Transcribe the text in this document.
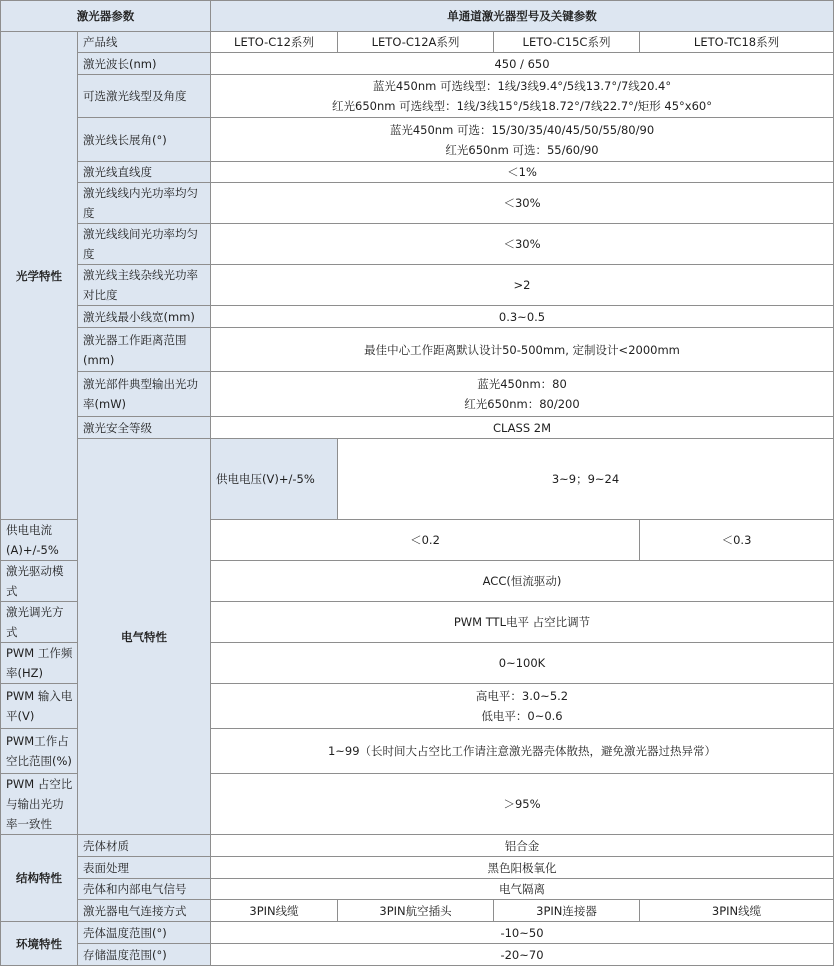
激光器参数		单通道激光器型号及关键参数				
光学特性	产品线	LETO-C12系列	LETO-C12A系列	LETO-C15C系列	LETO-TC18系列	
	激光波长(nm)	450 / 650				
	可选激光线型及角度	蓝光450nm 可选线型：1线/3线9.4°/5线13.7°/7线20.4°
红光650nm 可选线型：1线/3线15°/5线18.72°/7线22.7°/矩形 45°x60°				

	激光线长展角(°)	蓝光450nm 可选：15/30/35/40/45/50/55/80/90
红光650nm 可选：55/60/90				

	激光线直线度	＜1%				
	激光线线内光功率均匀度	＜30%				
	激光线线间光功率均匀度	＜30%				
	激光线主线杂线光功率对比度	>2				
	激光线最小线宽(mm)	0.3~0.5				
	激光器工作距离范围(mm)	最佳中心工作距离默认设计50-500mm, 定制设计<2000mm				
	激光部件典型输出光功率(mW)	蓝光450nm：80
红光650nm：80/200				

	激光安全等级	CLASS 2M				
	电气特性	供电电压(V)+/-5%	3~9；9~24	

供电电流(A)+/-5%		＜0.2			＜0.3	
激光驱动模式		ACC(恒流驱动)				
激光调光方式		PWM TTL电平 占空比调节				
PWM 工作频率(HZ)		0~100K				
PWM 输入电平(V)		高电平：3.0~5.2
低电平：0~0.6				

PWM工作占空比范围(%)		1~99（长时间大占空比工作请注意激光器壳体散热，避免激光器过热异常）				
PWM 占空比与输出光功率一致性		＞95%				
结构特性	壳体材质	铝合金				
	表面处理	黑色阳极氧化				
	壳体和内部电气信号	电气隔离				
	激光器电气连接方式	3PIN线缆	3PIN航空插头	3PIN连接器	3PIN线缆	
环境特性	壳体温度范围(°)	-10~50				
	存储温度范围(°)	-20~70				
